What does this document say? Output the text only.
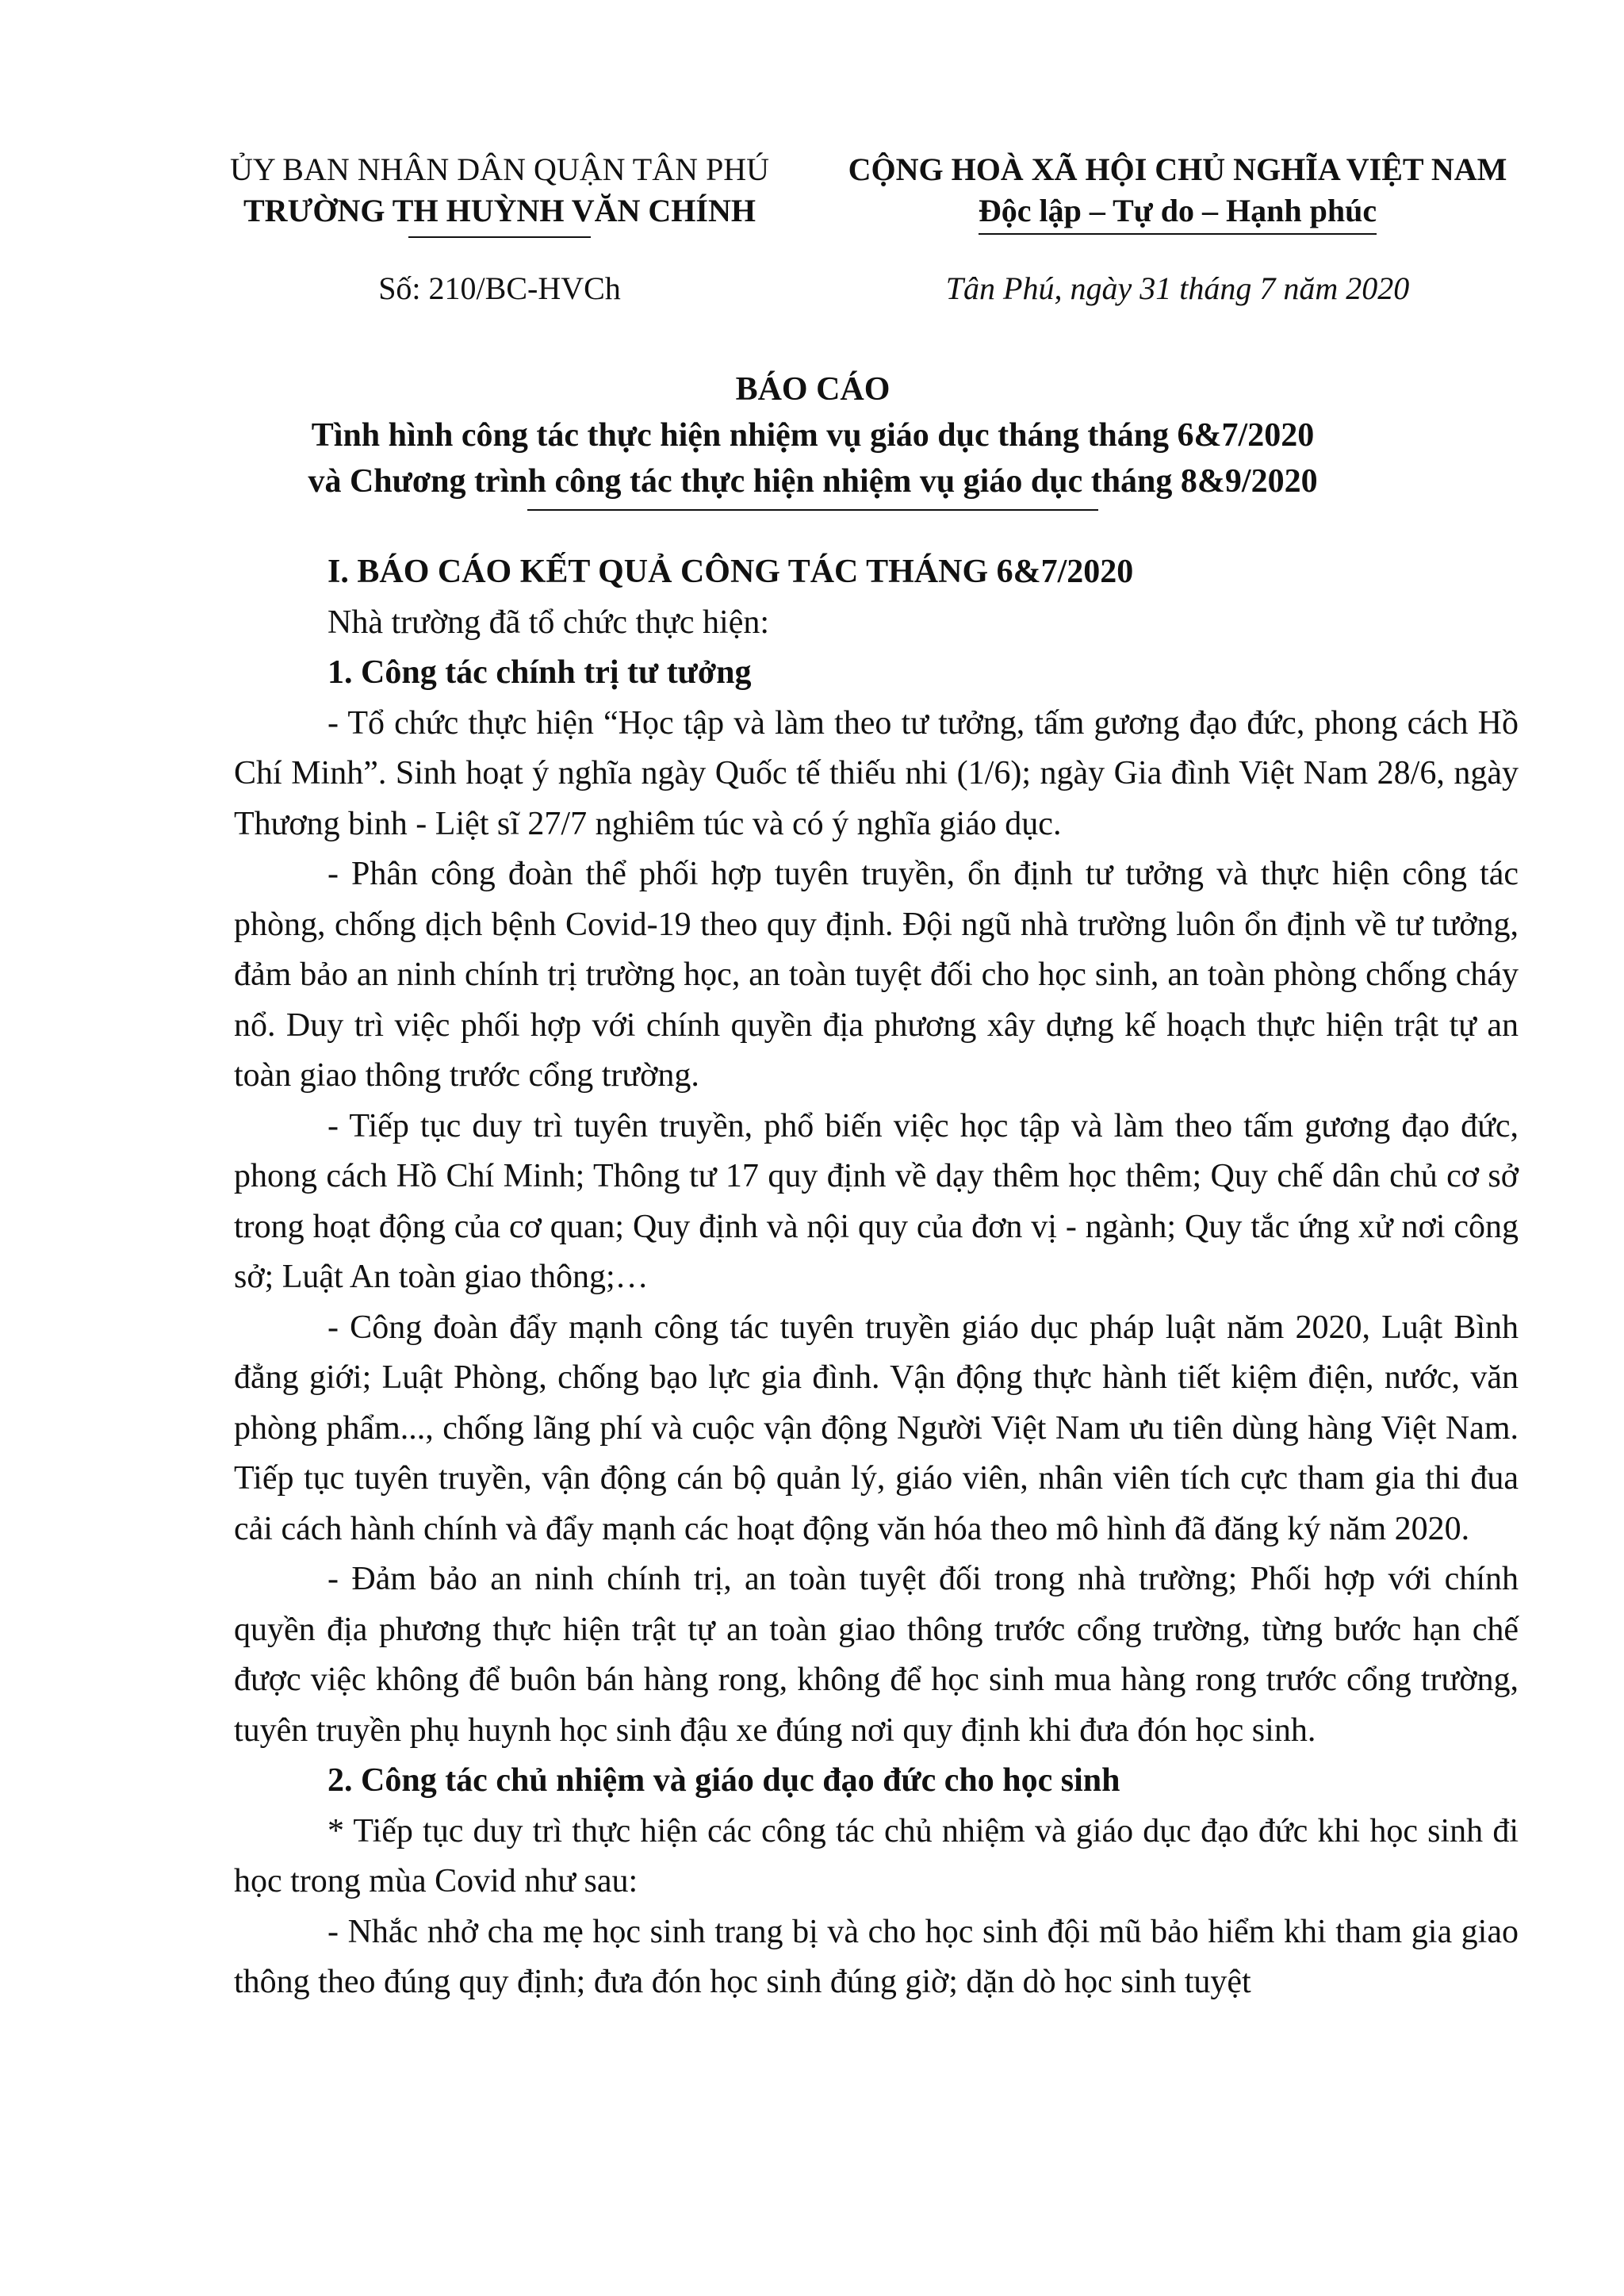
ỦY BAN NHÂN DÂN QUẬN TÂN PHÚ
TRƯỜNG TH HUỲNH VĂN CHÍNH
CỘNG HOÀ XÃ HỘI CHỦ NGHĨA VIỆT NAM
Độc lập – Tự do – Hạnh phúc
Số: 210/BC-HVCh	Tân Phú, ngày 31 tháng 7 năm 2020
BÁO CÁO
Tình hình công tác thực hiện nhiệm vụ giáo dục tháng tháng 6&7/2020
và Chương trình công tác thực hiện nhiệm vụ giáo dục tháng 8&9/2020

I. BÁO CÁO KẾT QUẢ CÔNG TÁC THÁNG 6&7/2020

Nhà trường đã tổ chức thực hiện:

1. Công tác chính trị tư tưởng

- Tổ chức thực hiện “Học tập và làm theo tư tưởng, tấm gương đạo đức, phong cách Hồ Chí Minh”. Sinh hoạt ý nghĩa ngày Quốc tế thiếu nhi (1/6); ngày Gia đình Việt Nam 28/6, ngày Thương binh - Liệt sĩ 27/7 nghiêm túc và có ý nghĩa giáo dục.

- Phân công đoàn thể phối hợp tuyên truyền, ổn định tư tưởng và thực hiện công tác phòng, chống dịch bệnh Covid-19 theo quy định. Đội ngũ nhà trường luôn ổn định về tư tưởng, đảm bảo an ninh chính trị trường học, an toàn tuyệt đối cho học sinh, an toàn phòng chống cháy nổ. Duy trì việc phối hợp với chính quyền địa phương xây dựng kế hoạch thực hiện trật tự an toàn giao thông trước cổng trường.

- Tiếp tục duy trì tuyên truyền, phổ biến việc học tập và làm theo tấm gương đạo đức, phong cách Hồ Chí Minh; Thông tư 17 quy định về dạy thêm học thêm; Quy chế dân chủ cơ sở trong hoạt động của cơ quan; Quy định và nội quy của đơn vị - ngành; Quy tắc ứng xử nơi công sở; Luật An toàn giao thông;…

- Công đoàn đẩy mạnh công tác tuyên truyền giáo dục pháp luật năm 2020, Luật Bình đẳng giới; Luật Phòng, chống bạo lực gia đình. Vận động thực hành tiết kiệm điện, nước, văn phòng phẩm..., chống lãng phí và cuộc vận động Người Việt Nam ưu tiên dùng hàng Việt Nam. Tiếp tục tuyên truyền, vận động cán bộ quản lý, giáo viên, nhân viên tích cực tham gia thi đua cải cách hành chính và đẩy mạnh các hoạt động văn hóa theo mô hình đã đăng ký năm 2020.

- Đảm bảo an ninh chính trị, an toàn tuyệt đối trong nhà trường; Phối hợp với chính quyền địa phương thực hiện trật tự an toàn giao thông trước cổng trường, từng bước hạn chế được việc không để buôn bán hàng rong, không để học sinh mua hàng rong trước cổng trường, tuyên truyền phụ huynh học sinh đậu xe đúng nơi quy định khi đưa đón học sinh.

2. Công tác chủ nhiệm và giáo dục đạo đức cho học sinh

* Tiếp tục duy trì thực hiện các công tác chủ nhiệm và giáo dục đạo đức khi học sinh đi học trong mùa Covid như sau:

- Nhắc nhở cha mẹ học sinh trang bị và cho học sinh đội mũ bảo hiểm khi tham gia giao thông theo đúng quy định; đưa đón học sinh đúng giờ; dặn dò học sinh tuyệt
